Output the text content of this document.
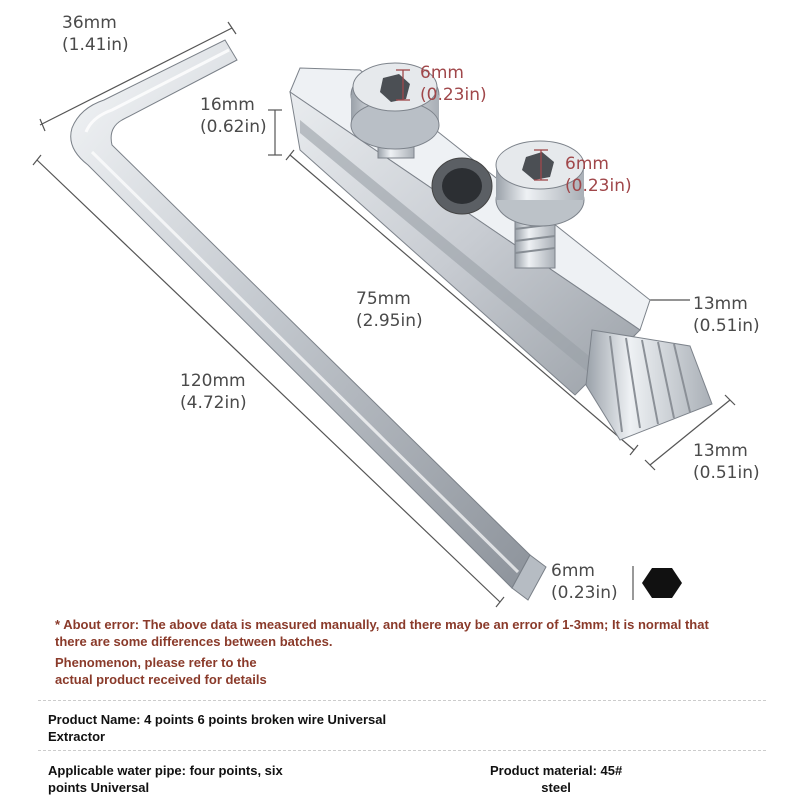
36mm
(1.41in)
16mm
(0.62in)
6mm
(0.23in)
6mm
(0.23in)
75mm
(2.95in)
13mm
(0.51in)
120mm
(4.72in)
13mm
(0.51in)
6mm
(0.23in)
* About error: The above data is measured manually, and there may be an error of 1-3mm; It is normal that
there are some differences between batches.
Phenomenon, please refer to the
actual product received for details
Product Name: 4 points 6 points broken wire Universal
Extractor
Applicable water pipe: four points, six
points Universal
Product material: 45#
steel
